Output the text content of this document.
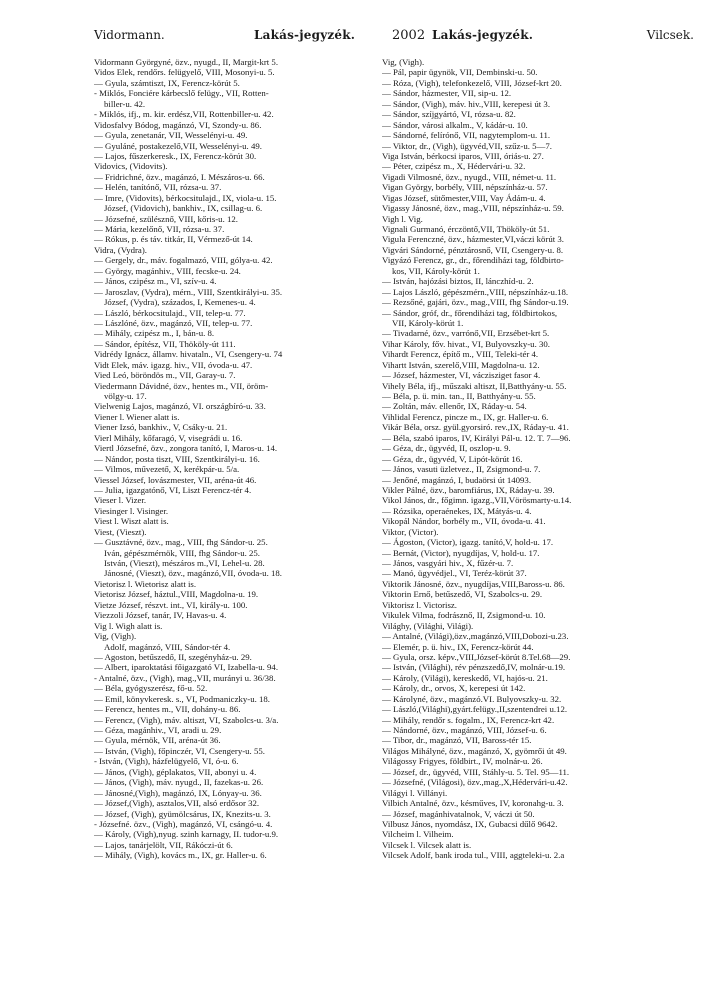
Vidormann.	Lakás-jegyzék.	2002 Lakás-jegyzék.	Vilcsek.
Vidormann Györgyné, özv., nyugd., II, Margit-krt 5.
Vidos Elek, rendőrs. felügyelő, VIII, Mosonyi-u. 5.
— Gyula, számtiszt, IX, Ferencz-körút 5.
- Miklós, Fonciére kárbecslő felügy., VII, Rotten-
biller-u. 42.
- Miklós, ifj., m. kir. erdész,VII, Rottenbiller-u. 42.
Vidosfalvy Bódog, magánzó, VI, Szondy-u. 86.
— Gyula, zenetanár, VII, Wesselényi-u. 49.
— Gyuláné, postakezelő,VII, Wesselényi-u. 49.
— Lajos, fűszerkeresk., IX, Ferencz-körút 30.
Vidovics, (Vidovits).
— Fridrichné, özv., magánzó, I. Mészáros-u. 66.
— Helén, tanítónő, VII, rózsa-u. 37.
— Imre, (Vidovits), bérkocsitulajd., IX, viola-u. 15.
József, (Vidovich), bankhiv., IX, csillag-u. 6.
— Józsefné, szülésznő, VIII, kőris-u. 12.
— Mária, kezelőnő, VII, rózsa-u. 37.
— Rókus, p. és táv. titkár, II, Vérmező-út 14.
Vidra, (Vydra).
— Gergely, dr., máv. fogalmazó, VIII, gólya-u. 42.
— György, magánhiv., VIII, fecske-u. 24.
— János, czipész m., VI, szív-u. 4.
— Jaroszlav, (Vydra), mérn., VIII, Szentkirályi-u. 35.
József, (Vydra), százados, I, Kemenes-u. 4.
— László, bérkocsitulajd., VII, telep-u. 77.
— Lászlóné, özv., magánzó, VII, telep-u. 77.
— Mihály, czipész m., I, bán-u. 8.
— Sándor, építész, VII, Thököly-út 111.
Vidrédy Ignácz, államv. hivataln., VI, Csengery-u. 74
Vidt Elek, máv. igazg. hiv., VII, óvoda-u. 47.
Vied Leó, böröndös m., VII, Garay-u. 7.
Viedermann Dávidné, özv., hentes m., VII, öröm-
völgy-u. 17.
Vielwenig Lajos, magánzó, VI. országbíró-u. 33.
Viener l. Wiener alatt is.
Viener Izsó, bankhiv., V, Csáky-u. 21.
Vierl Mihály, kőfaragó, V, visegrádi u. 16.
Viertl Józsefné, özv., zongora tanító, I, Maros-u. 14.
— Nándor, posta tiszt, VIII, Szentkirályi-u. 16.
— Vilmos, művezető, X, kerékpár-u. 5/a.
Viessel József, lovászmester, VII, aréna-út 46.
— Julia, igazgatónő, VI, Liszt Ferencz-tér 4.
Vieser l. Vizer.
Viesinger l. Visinger.
Viest l. Wiszt alatt is.
Viest, (Vieszt).
— Gusztávné, özv., mag., VIII, fhg Sándor-u. 25.
Iván, gépészmérnök, VIII, fhg Sándor-u. 25.
István, (Vieszt), mészáros m.,VI, Lehel-u. 28.
Jánosné, (Vieszt), özv., magánzó,VII, óvoda-u. 18.
Vietorisz l. Wietorisz alatt is.
Vietorisz József, háztul.,VIII, Magdolna-u. 19.
Vietze József, részvt. int., VI, király-u. 100.
Viezzoli József, tanár, IV, Havas-u. 4.
Vig l. Wigh alatt is.
Vig, (Vigh).
Adolf, magánzó, VIII, Sándor-tér 4.
— Agoston, betűszedő, II, szegényház-u. 29.
— Albert, iparoktatási főigazgató VI, Izabella-u. 94.
- Antalné, özv., (Vigh), mag.,VII, murányi u. 36/38.
— Béla, gyógyszerész, fő-u. 52.
— Emil, könyvkeresk. s., VI, Podmaniczky-u. 18.
— Ferencz, hentes m., VII, dohány-u. 86.
— Ferencz, (Vigh), máv. altiszt, VI, Szabolcs-u. 3/a.
— Géza, magánhiv., VI, aradi u. 29.
— Gyula, mérnök, VII, aréna-út 36.
— István, (Vigh), főpinczér, VI, Csengery-u. 55.
- István, (Vigh), házfelügyelő, VI, ó-u. 6.
— János, (Vigh), géplakatos, VII, abonyi u. 4.
— János, (Vigh), máv. nyugd., II, fazekas-u. 26.
— Jánosné,(Vigh), magánzó, IX, Lónyay-u. 36.
— József,(Vigh), asztalos,VII, alsó erdősor 32.
— József, (Vigh), gyümölcsárus, IX, Knezits-u. 3.
- Józsefné. özv., (Vigh), magánzó, VI, csángó-u. 4.
— Károly, (Vigh),nyug. szinh karnagy, II. tudor-u.9.
— Lajos, tanárjelölt, VII, Rákóczi-út 6.
— Mihály, (Vigh), kovács m., IX, gr. Haller-u. 6.
Vig, (Vigh).
— Pál, papir ügynök, VII, Dembinski-u. 50.
— Róza, (Vigh), telefonkezelő, VIII, József-krt 20.
— Sándor, házmester, VII, sip-u. 12.
— Sándor, (Vigh), máv. hiv.,VIII, kerepesi út 3.
— Sándor, szíjgyártó, VI, rózsa-u. 82.
— Sándor, városi alkalm., V, kádár-u. 10.
— Sándorné, felírónő, VII, nagytemplom-u. 11.
— Viktor, dr., (Vigh), ügyvéd,VII, szűz-u. 5—7.
Viga István, bérkocsi iparos, VIII, óriás-u. 27.
— Péter, czipész m., X, Hédervári-u. 32.
Vigadi Vilmosné, özv., nyugd., VIII, német-u. 11.
Vigan György, borbély, VIII, népszínház-u. 57.
Vigas József, sütőmester,VIII, Vay Ádám-u. 4.
Vigassy Jánosné, özv., mag.,VIII, népszínház-u. 59.
Vigh l. Vig.
Vignali Gurmanó, érczöntő,VII, Thököly-út 51.
Vigula Ferenczné, özv., házmester,VI,váczi körút 3.
Vigvári Sándorné, pénztárosnő, VII, Csengery-u. 8.
Vigyázó Ferencz, gr., dr., főrendiházi tag, földbirto-
kos, VII, Károly-körút 1.
— István, hajózási biztos, II, lánczhíd-u. 2.
— Lajos László, gépészmérn.,VIII, népszínház-u.18.
— Rezsőné, gajári, özv., mag.,VIII, fhg Sándor-u.19.
— Sándor, gróf, dr., főrendiházi tag, földbirtokos,
VII, Károly-körút 1.
— Tivadarné, özv., varrónő,VII, Erzsébet-krt 5.
Vihar Károly, főv. hivat., VI, Bulyovszky-u. 30.
Vihardt Ferencz, építő m., VIII, Teleki-tér 4.
Vihartt István, szerelő,VIII, Magdolna-u. 12.
— József, házmester, VI, váczisziget fasor 4.
Vihely Béla, ifj., műszaki altiszt, II,Batthyány-u. 55.
— Béla, p. ü. min. tan., II, Batthyány-u. 55.
— Zoltán, máv. ellenőr, IX, Ráday-u. 54.
Vihlidal Ferencz, pincze m., IX, gr. Haller-u. 6.
Vikár Béla, orsz. gyül.gyorsiró. rev.,IX, Ráday-u. 41.
— Béla, szabó iparos, IV, Királyi Pál-u. 12. T. 7—96.
— Géza, dr., ügyvéd, II, oszlop-u. 9.
— Géza, dr., ügyvéd, V, Lipót-körút 16.
— János, vasuti üzletvez., II, Zsigmond-u. 7.
— Jenőné, magánzó, I, budaörsi út 14093.
Vikler Pálné, özv., baromfiárus, IX, Ráday-u. 39.
Vikol János, dr., főgimn. igazg.,VII,Vörösmarty-u.14.
— Rózsika, operaénekes, IX, Mátyás-u. 4.
Vikopál Nándor, borbély m., VII, óvoda-u. 41.
Viktor, (Victor).
— Ágoston, (Victor), igazg. tanító,V, hold-u. 17.
— Bernát, (Victor), nyugdíjas, V, hold-u. 17.
— János, vasgyári hiv., X, fűzér-u. 7.
— Manó, ügyvédjel., VI, Teréz-körút 37.
Viktorik Jánosné, özv., nyugdíjas,VIII,Baross-u. 86.
Viktorin Ernő, betűszedő, VI, Szabolcs-u. 29.
Viktorisz l. Victorisz.
Vikulek Vilma, fodrásznő, II, Zsigmond-u. 10.
Világhy, (Világhi, Világi).
— Antalné, (Világi),özv.,magánzó,VIII,Dobozi-u.23.
— Elemér, p. ü. hiv., IX, Ferencz-körút 44.
— Gyula, orsz. képv.,VIII,József-körút 8.Tel.68—29.
— István, (Világhi), rév pénzszedő,IV, molnár-u.19.
— Károly, (Világi), kereskedő, VI, hajós-u. 21.
— Károly, dr., orvos, X, kerepesi út 142.
— Károlyné, özv., magánzó.VI. Bulyovszky-u. 32.
— László,(Világhi),gyárt.felügy.,II,szentendrei u.12.
— Mihály, rendőr s. fogalm., IX, Ferencz-krt 42.
— Nándorné, özv., magánzó, VIII, József-u. 6.
— Tibor, dr., magánzó, VII, Baross-tér 15.
Világos Mihályné, özv., magánzó, X, gyömrői út 49.
Világossy Frigyes, földbirt., IV, molnár-u. 26.
— József, dr., ügyvéd, VIII, Stáhly-u. 5. Tel. 95—11.
— Józsefné, (Világosi), özv.,mag.,X,Hédervári-u.42.
Világyi l. Villányi.
Vilbich Antalné, özv., késműves, IV, koronahg-u. 3.
— József, magánhivatalnok, V, váczi út 50.
Vilbusz János, nyomdász, IX, Gubacsi dűlő 9642.
Vilcheim l. Vilheim.
Vilcsek l. Vilcsek alatt is.
Vilcsek Adolf, bank iroda tul., VIII, aggteleki-u. 2.a
